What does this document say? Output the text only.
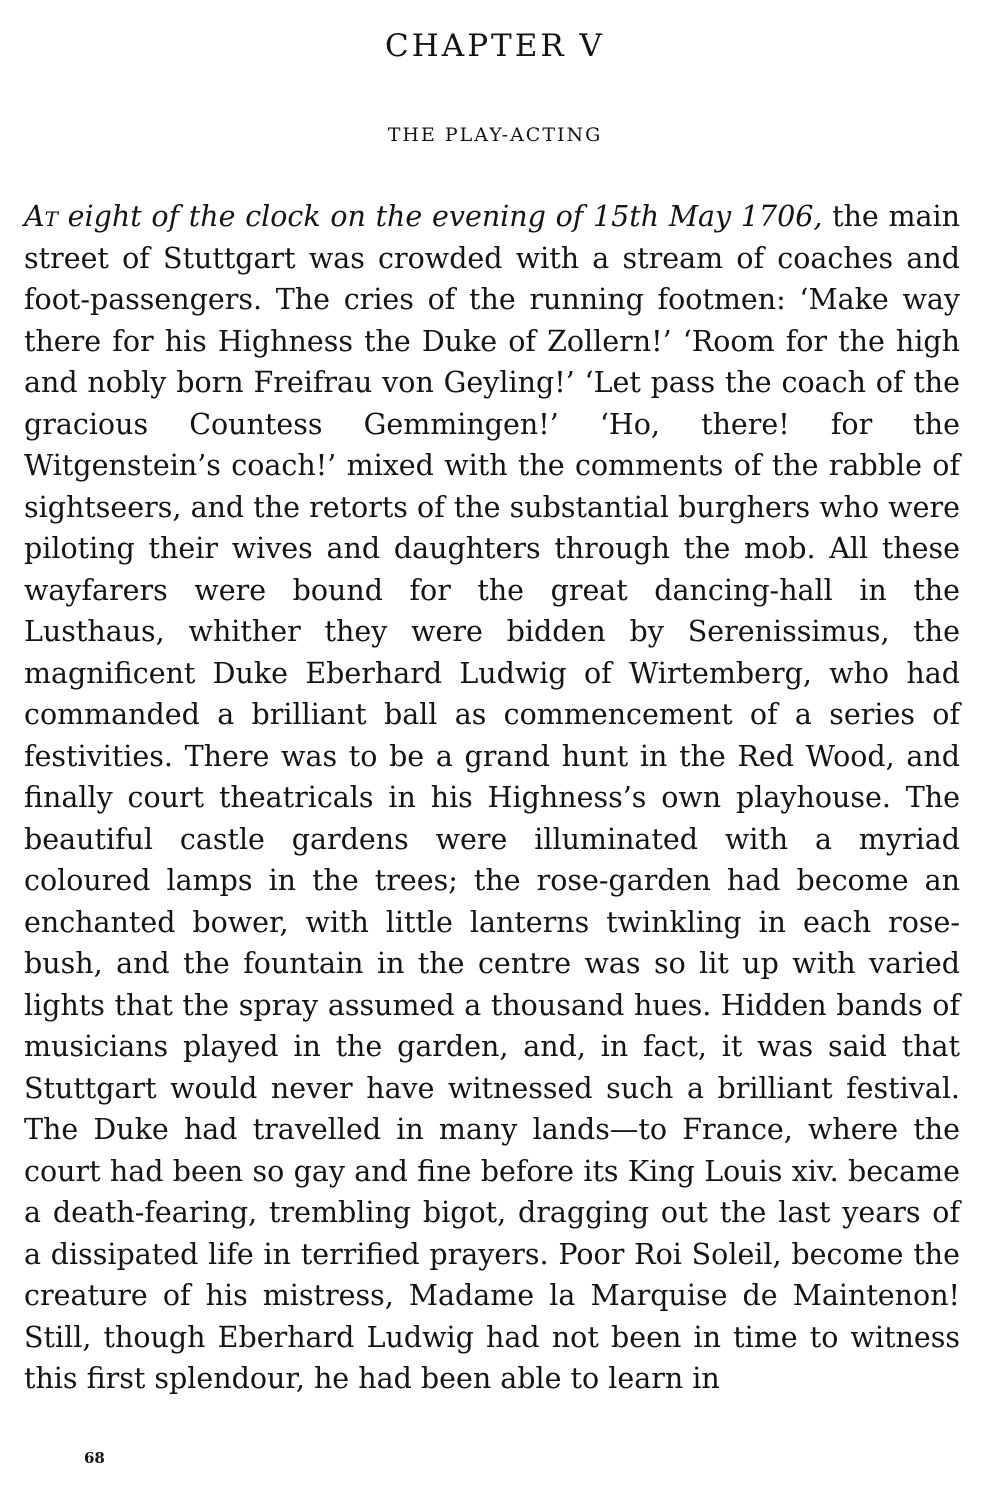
CHAPTER V
THE PLAY-ACTING

At eight of the clock on the evening of 15th May 1706, the main street of Stuttgart was crowded with a stream of coaches and foot-passengers. The cries of the running footmen: ‘Make way there for his Highness the Duke of Zollern!’ ‘Room for the high and nobly born Freifrau von Geyling!’ ‘Let pass the coach of the gracious Countess Gemmingen!’ ‘Ho, there! for the Witgenstein’s coach!’ mixed with the comments of the rabble of sightseers, and the retorts of the substantial burghers who were piloting their wives and daughters through the mob. All these wayfarers were bound for the great dancing-hall in the Lusthaus, whither they were bidden by Serenissimus, the magnificent Duke Eberhard Ludwig of Wirtemberg, who had commanded a brilliant ball as commencement of a series of festivities. There was to be a grand hunt in the Red Wood, and finally court theatricals in his Highness’s own playhouse. The beautiful castle gardens were illuminated with a myriad coloured lamps in the trees; the rose-garden had become an enchanted bower, with little lanterns twinkling in each rose-bush, and the fountain in the centre was so lit up with varied lights that the spray assumed a thousand hues. Hidden bands of musicians played in the garden, and, in fact, it was said that Stuttgart would never have witnessed such a brilliant festival. The Duke had travelled in many lands—to France, where the court had been so gay and fine before its King Louis xiv. became a death-fearing, trembling bigot, dragging out the last years of a dissipated life in terrified prayers. Poor Roi Soleil, become the creature of his mistress, Madame la Marquise de Maintenon! Still, though Eberhard Ludwig had not been in time to witness this first splendour, he had been able to learn in

68
